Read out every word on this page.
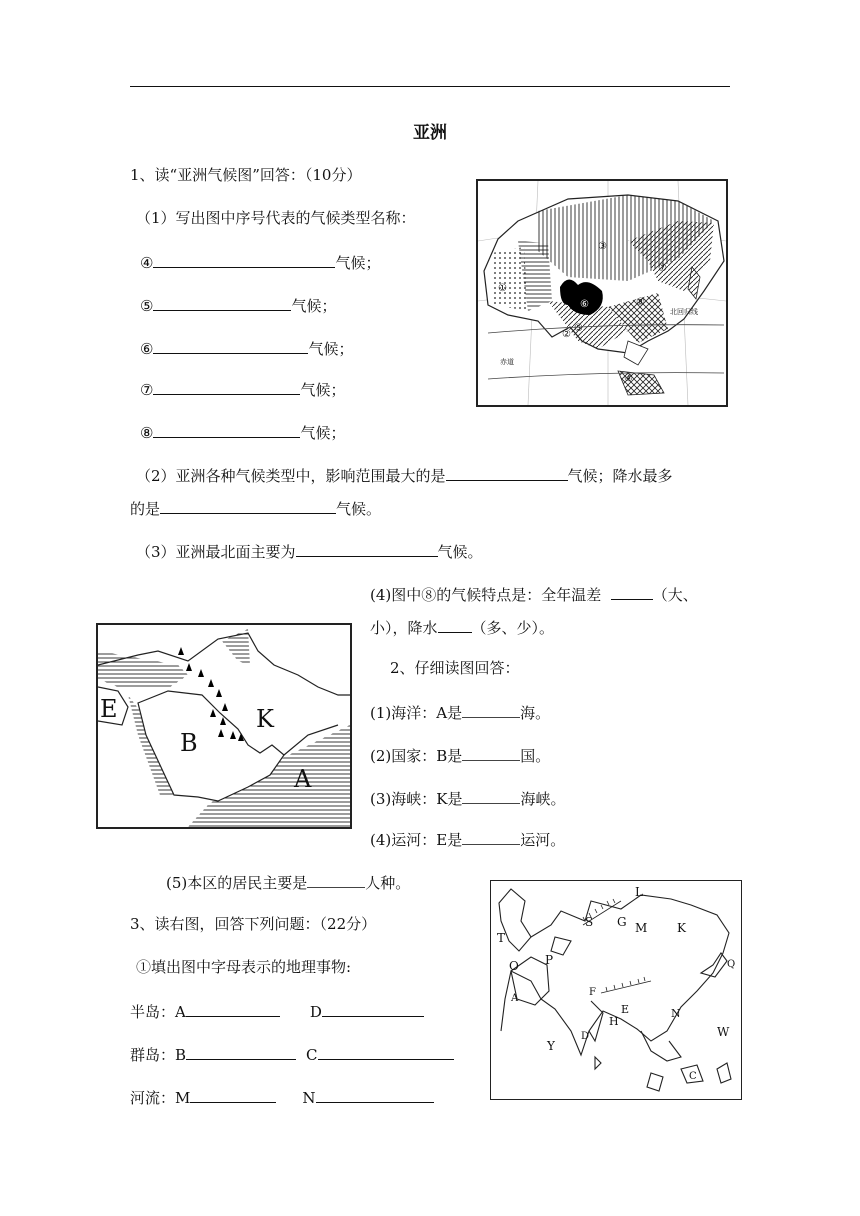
亚洲
1、读“亚洲气候图”回答：（10分）
（1）写出图中序号代表的气候类型名称：
④	气候；
⑤	气候；
⑥	气候；
⑦	气候；
⑧	气候；
（2）亚洲各种气候类型中，影响范围最大的是	气候；降水最多
的是	气候。
（3）亚洲最北面主要为	气候。
(4)图中⑧的气候特点是：全年温差	（大、
小），降水 （多、少）。
①
②
③
④
⑤
⑥
⑦
⑧
北回归线
赤道
E
B
K
A
2、仔细读图回答：
(1)海洋：A是	海。
(2)国家：B是	国。
(3)海峡：K是	海峡。
(4)运河：E是	运河。
(5)本区的居民主要是	人种。
3、读右图，回答下列问题：（22分）
①填出图中字母表示的地理事物:
半岛：A	D
群岛：B	C
河流：M	N
L
T
S G M K
O P
A
F
E
H
N
Q
D
Y
W
C
